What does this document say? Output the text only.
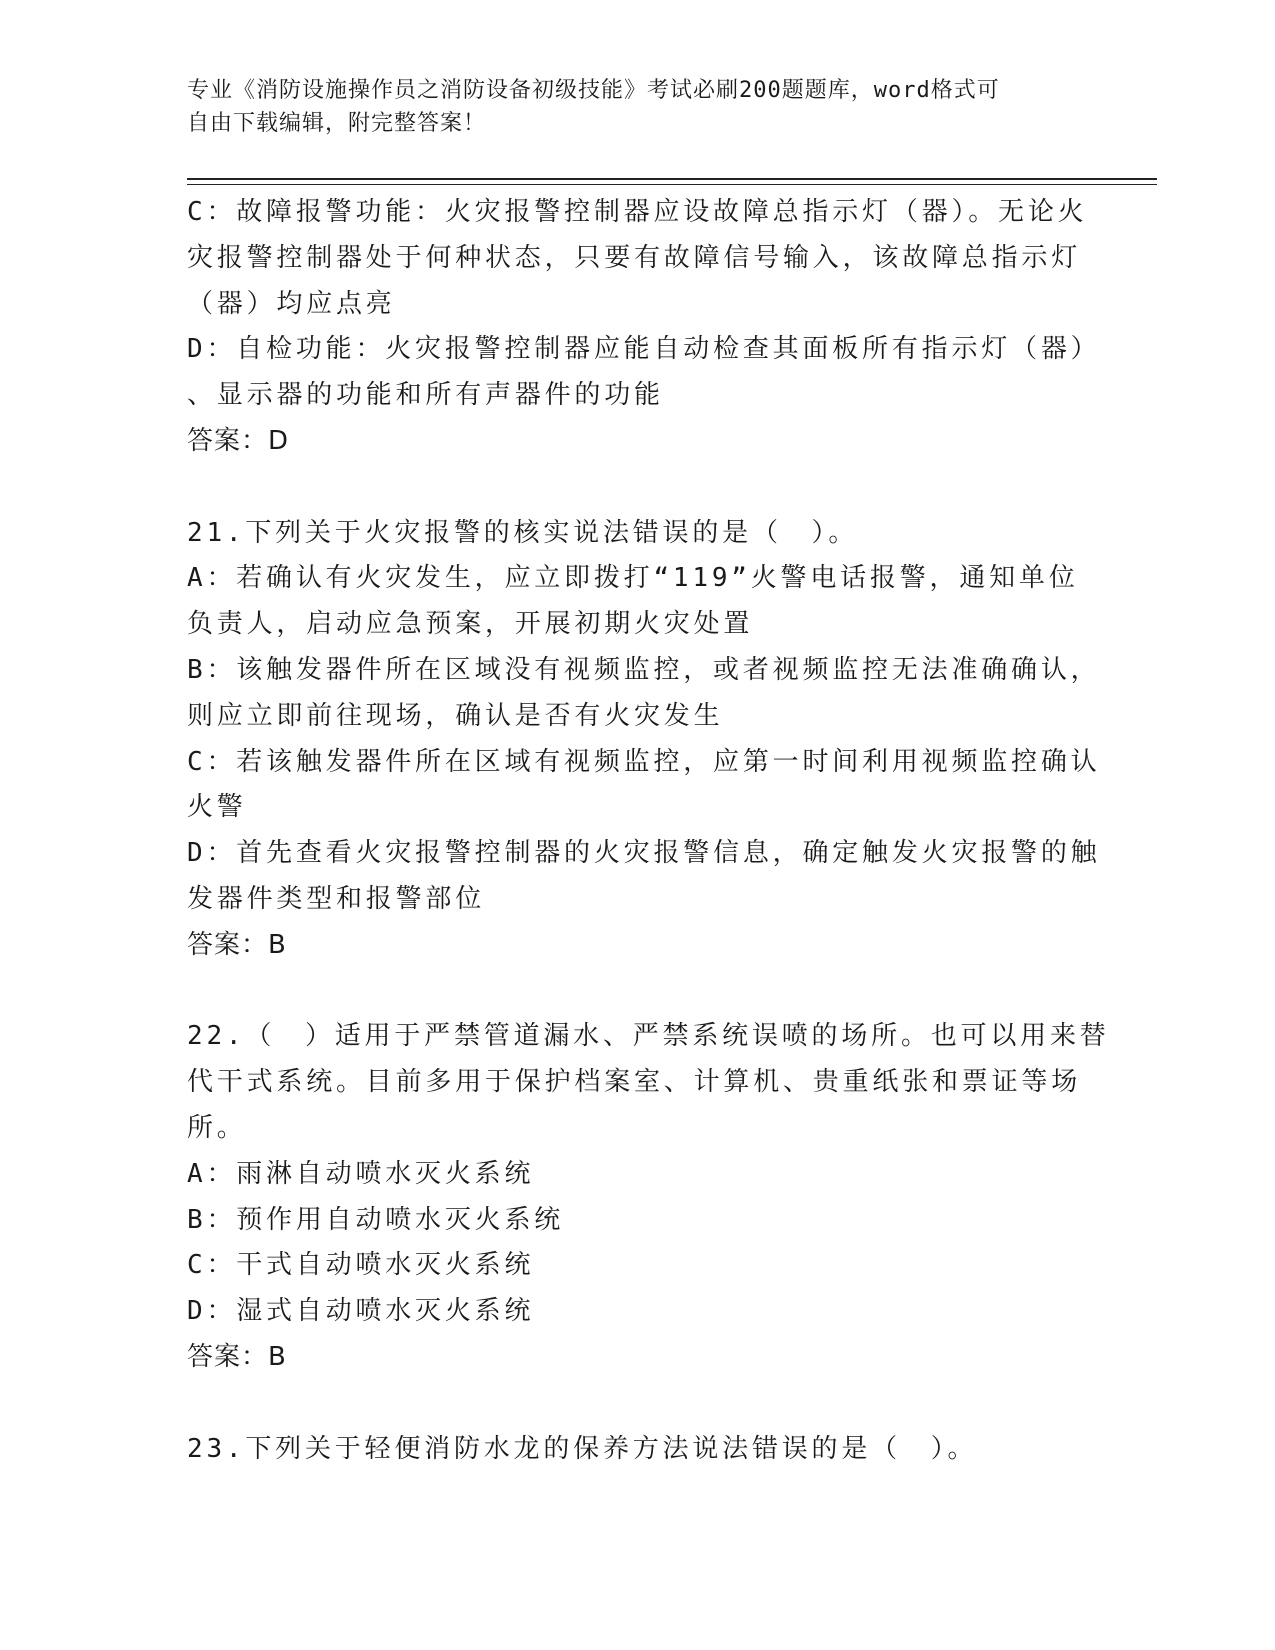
专业《消防设施操作员之消防设备初级技能》考试必刷200题题库，word格式可
自由下载编辑，附完整答案！

C：故障报警功能：火灾报警控制器应设故障总指示灯（器）。无论火

灾报警控制器处于何种状态，只要有故障信号输入，该故障总指示灯

（器）均应点亮

D：自检功能：火灾报警控制器应能自动检查其面板所有指示灯（器）

、显示器的功能和所有声器件的功能

答案：D

21.下列关于火灾报警的核实说法错误的是（　）。

A：若确认有火灾发生，应立即拨打“119”火警电话报警，通知单位

负责人，启动应急预案，开展初期火灾处置

B：该触发器件所在区域没有视频监控，或者视频监控无法准确确认，

则应立即前往现场，确认是否有火灾发生

C：若该触发器件所在区域有视频监控，应第一时间利用视频监控确认

火警

D：首先查看火灾报警控制器的火灾报警信息，确定触发火灾报警的触

发器件类型和报警部位

答案：B

22.（　）适用于严禁管道漏水、严禁系统误喷的场所。也可以用来替

代干式系统。目前多用于保护档案室、计算机、贵重纸张和票证等场

所。

A：雨淋自动喷水灭火系统

B：预作用自动喷水灭火系统

C：干式自动喷水灭火系统

D：湿式自动喷水灭火系统

答案：B

23.下列关于轻便消防水龙的保养方法说法错误的是（　）。
